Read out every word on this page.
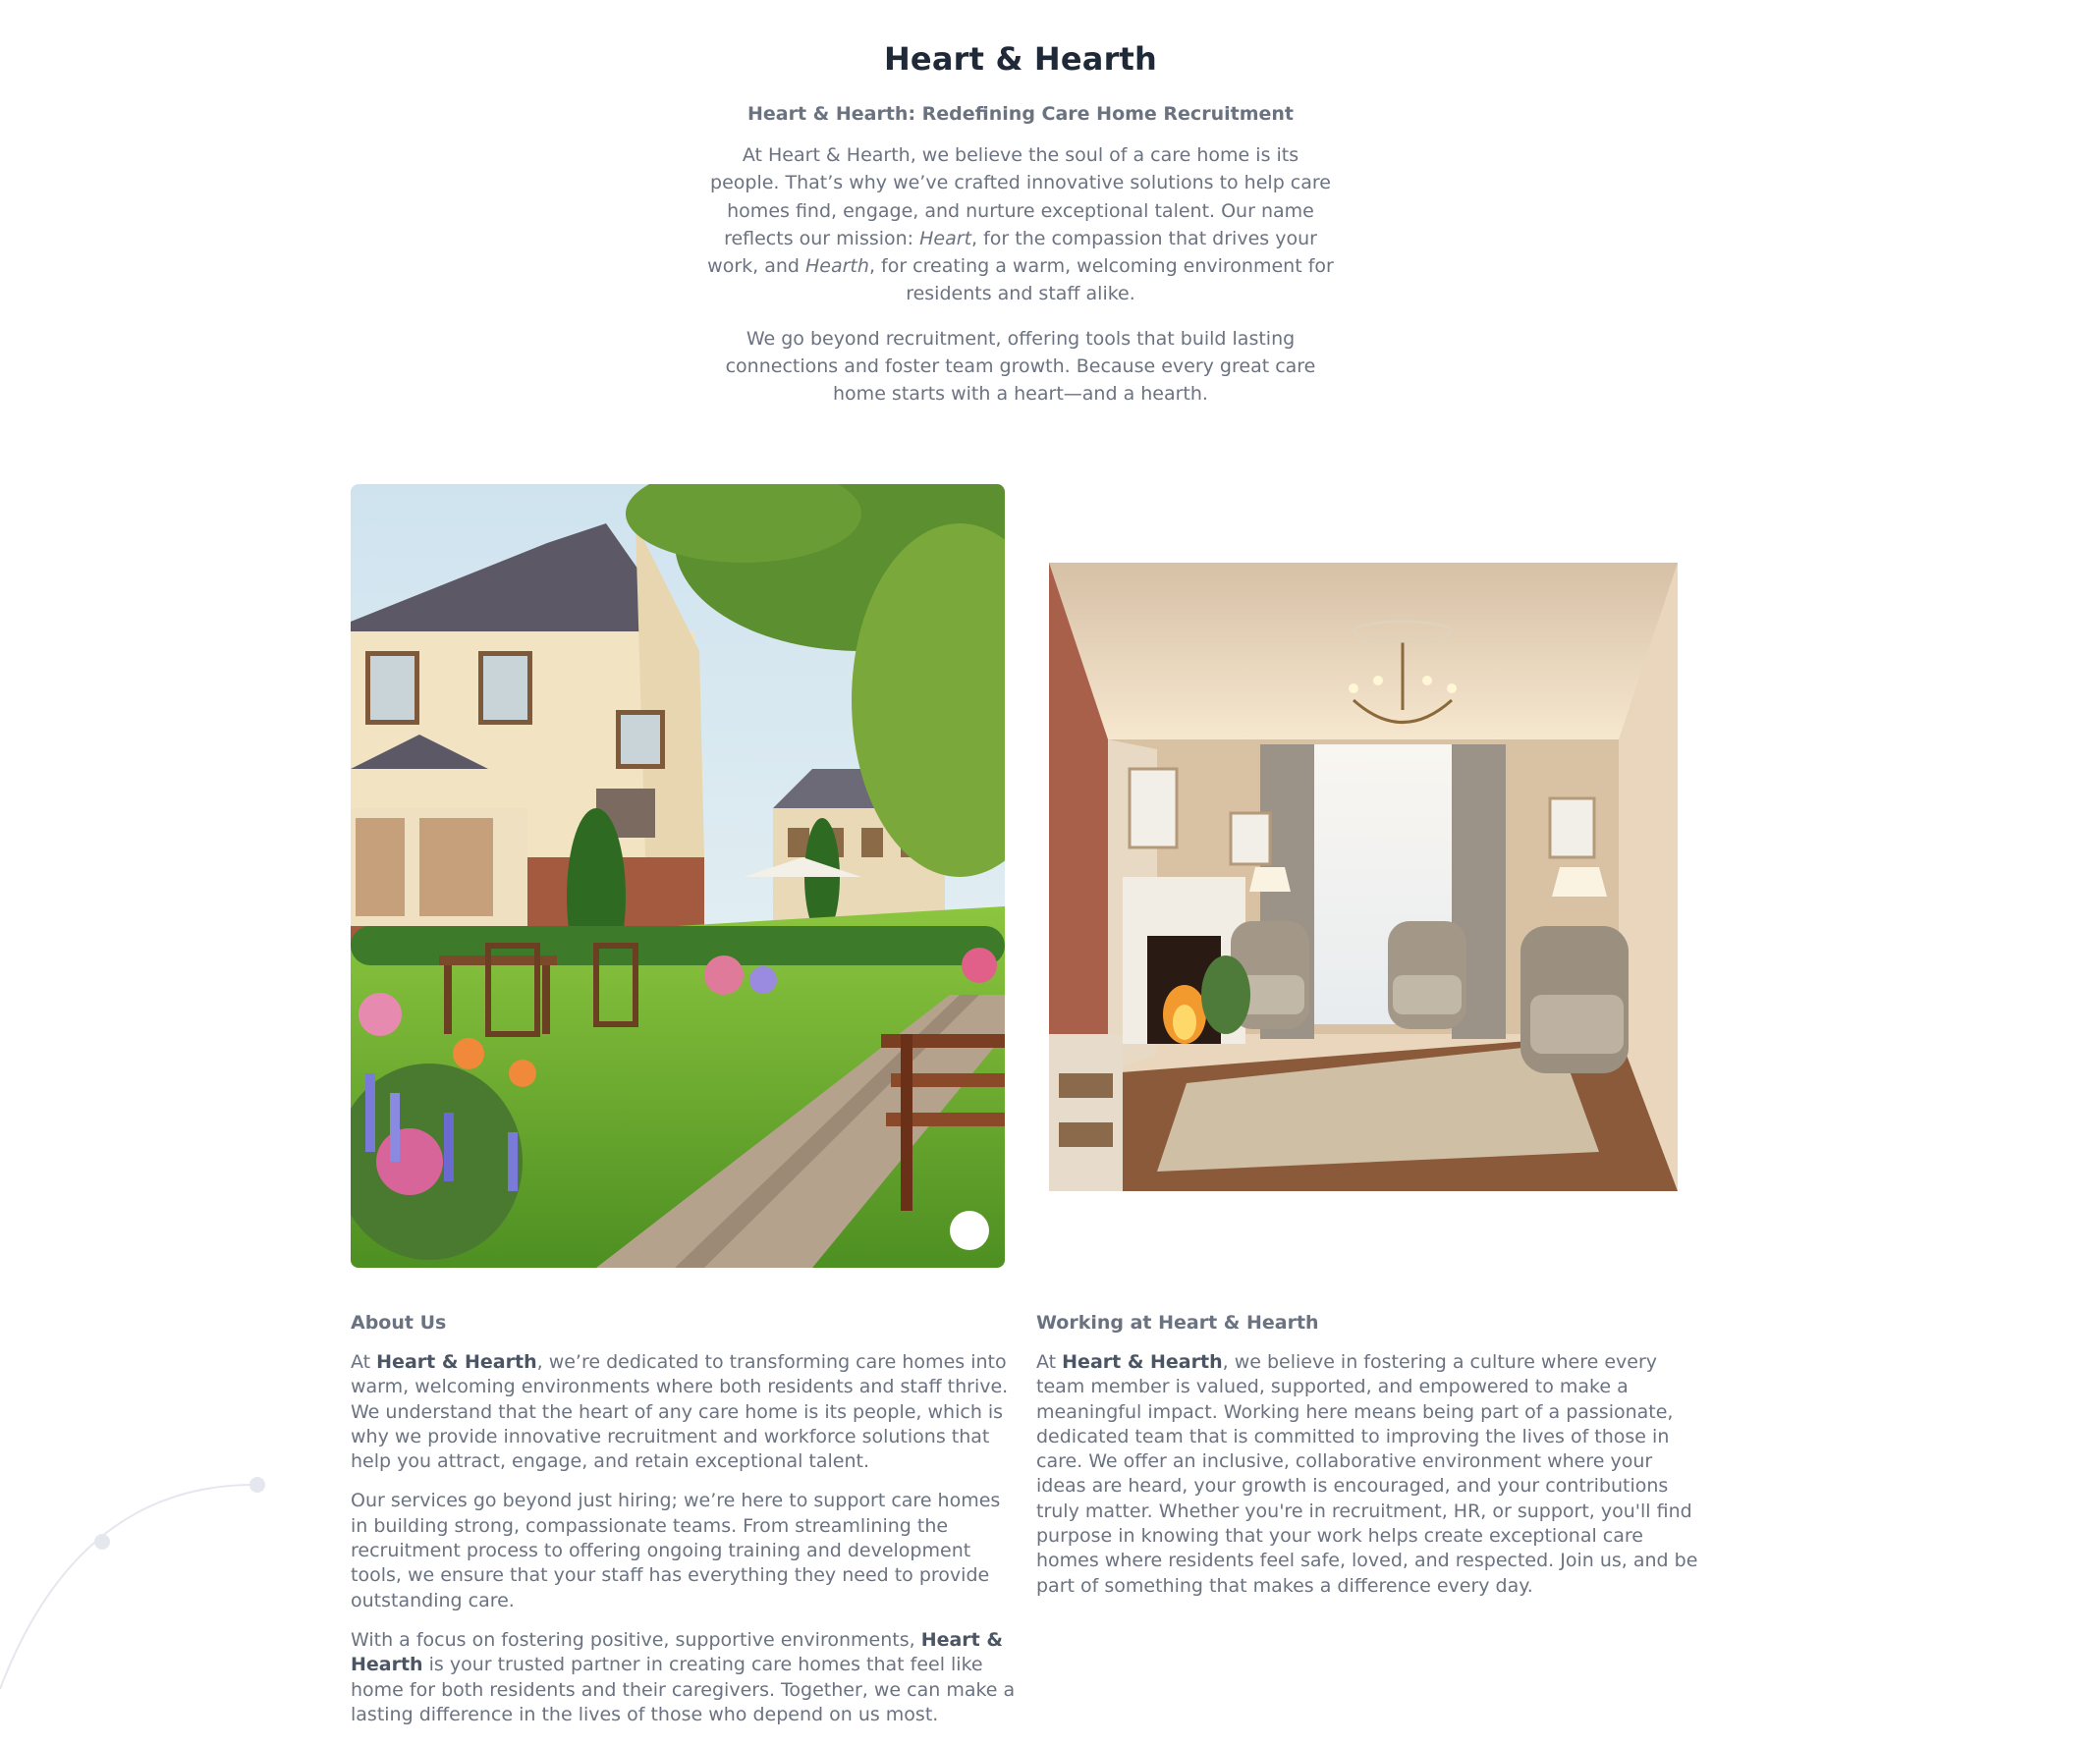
Heart & Hearth
Heart & Hearth: Redefining Care Home Recruitment

At Heart & Hearth, we believe the soul of a care home is its people. That’s why we’ve crafted innovative solutions to help care homes find, engage, and nurture exceptional talent. Our name reflects our mission: Heart, for the compassion that drives your work, and Hearth, for creating a warm, welcoming environment for residents and staff alike.

We go beyond recruitment, offering tools that build lasting connections and foster team growth. Because every great care home starts with a heart—and a hearth.

About Us

At Heart & Hearth, we’re dedicated to transforming care homes into warm, welcoming environments where both residents and staff thrive. We understand that the heart of any care home is its people, which is why we provide innovative recruitment and workforce solutions that help you attract, engage, and retain exceptional talent.

Our services go beyond just hiring; we’re here to support care homes in building strong, compassionate teams. From streamlining the recruitment process to offering ongoing training and development tools, we ensure that your staff has everything they need to provide outstanding care.

With a focus on fostering positive, supportive environments, Heart & Hearth is your trusted partner in creating care homes that feel like home for both residents and their caregivers. Together, we can make a lasting difference in the lives of those who depend on us most.

Working at Heart & Hearth

At Heart & Hearth, we believe in fostering a culture where every team member is valued, supported, and empowered to make a meaningful impact. Working here means being part of a passionate, dedicated team that is committed to improving the lives of those in care. We offer an inclusive, collaborative environment where your ideas are heard, your growth is encouraged, and your contributions truly matter. Whether you're in recruitment, HR, or support, you'll find purpose in knowing that your work helps create exceptional care homes where residents feel safe, loved, and respected. Join us, and be part of something that makes a difference every day.
